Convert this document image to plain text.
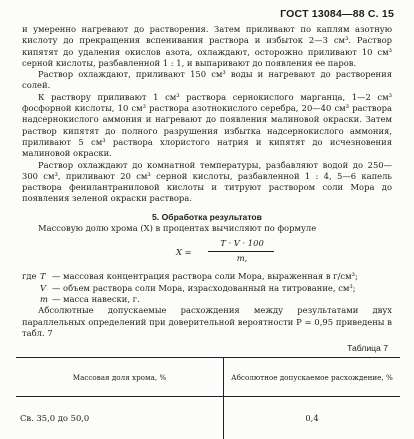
ГОСТ 13084—88 С. 15

и умеренно нагревают до растворения. Затем приливают по каплям азотную кислоту до прекращения вспенивания раствора и избыток 2—3 см³. Раствор кипятят до удаления окислов азота, охлаждают, осторожно приливают 10 см³ серной кислоты, разбавленной 1 : 1, и выпаривают до появления ее паров.

Раствор охлаждают, приливают 150 см³ воды и нагревают до растворения солей.

К раствору приливают 1 см³ раствора сернокислого марганца, 1—2 см³ фосфорной кислоты, 10 см³ раствора азотнокислого серебра, 20—40 см³ раствора надсернокислого аммония и нагревают до появления малиновой окраски. Затем раствор кипятят до полного разрушения избытка надсернокислого аммония, приливают 5 см³ раствора хлористого натрия и кипятят до исчезновения малиновой окраски.

Раствор охлаждают до комнатной температуры, разбавляют водой до 250—300 см³, приливают 20 см³ серной кислоты, разбавленной 1 : 4, 5—6 капель раствора фенилантраниловой кислоты и титруют раствором соли Мора до появления зеленой окраски раствора.

5. Обработка результатов

Массовую долю хрома (X) в процентах вычисляют по формуле

X =
T · V · 100
m,
где T — массовая концентрация раствора соли Мора, выраженная в г/см³;
V — объем раствора соли Мора, израсходованный на титрование, см³;
m — масса навески, г.

Абсолютные допускаемые расхождения между результатами двух параллельных определений при доверительной вероятности P = 0,95 приведены в табл. 7

Таблица 7
Массовая доля хрома, %	Абсолютное допускаемое расхождение, %
Св. 35,0 до 50,0	0,4
